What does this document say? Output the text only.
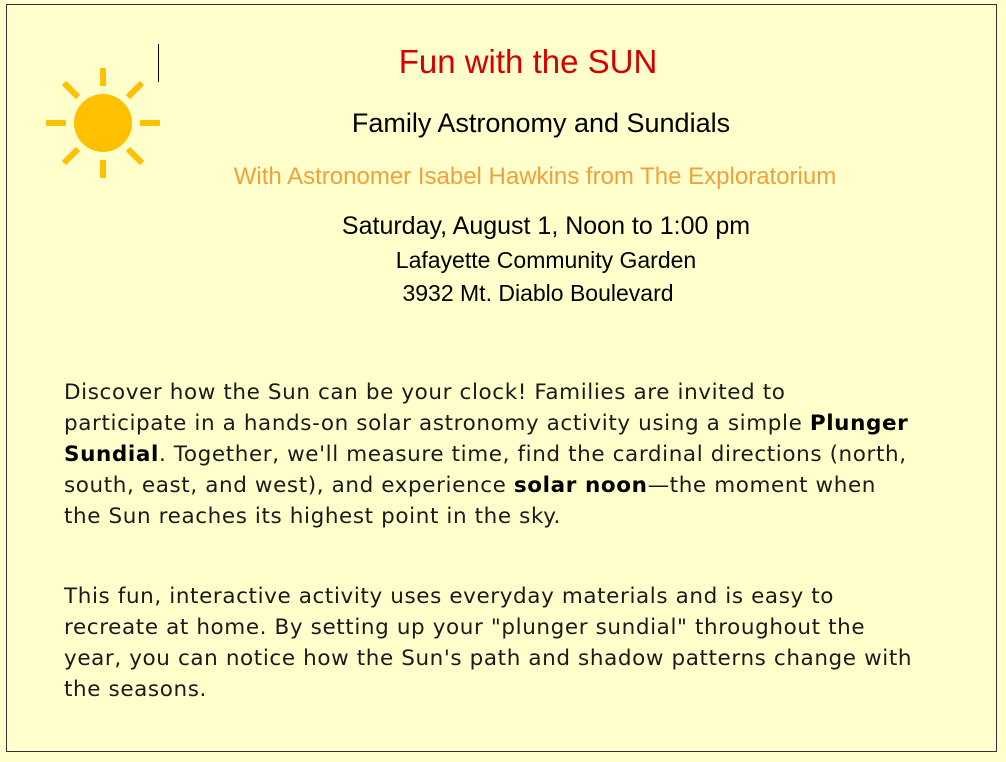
Fun with the SUN
Family Astronomy and Sundials
With Astronomer Isabel Hawkins from The Exploratorium
Saturday, August 1, Noon to 1:00 pm
Lafayette Community Garden
3932 Mt. Diablo Boulevard

Discover how the Sun can be your clock! Families are invited to participate in a hands-on solar astronomy activity using a simple Plunger Sundial. Together, we'll measure time, find the cardinal directions (north, south, east, and west), and experience solar noon—the moment when the Sun reaches its highest point in the sky.

This fun, interactive activity uses everyday materials and is easy to recreate at home. By setting up your "plunger sundial" throughout the year, you can notice how the Sun's path and shadow patterns change with the seasons.
